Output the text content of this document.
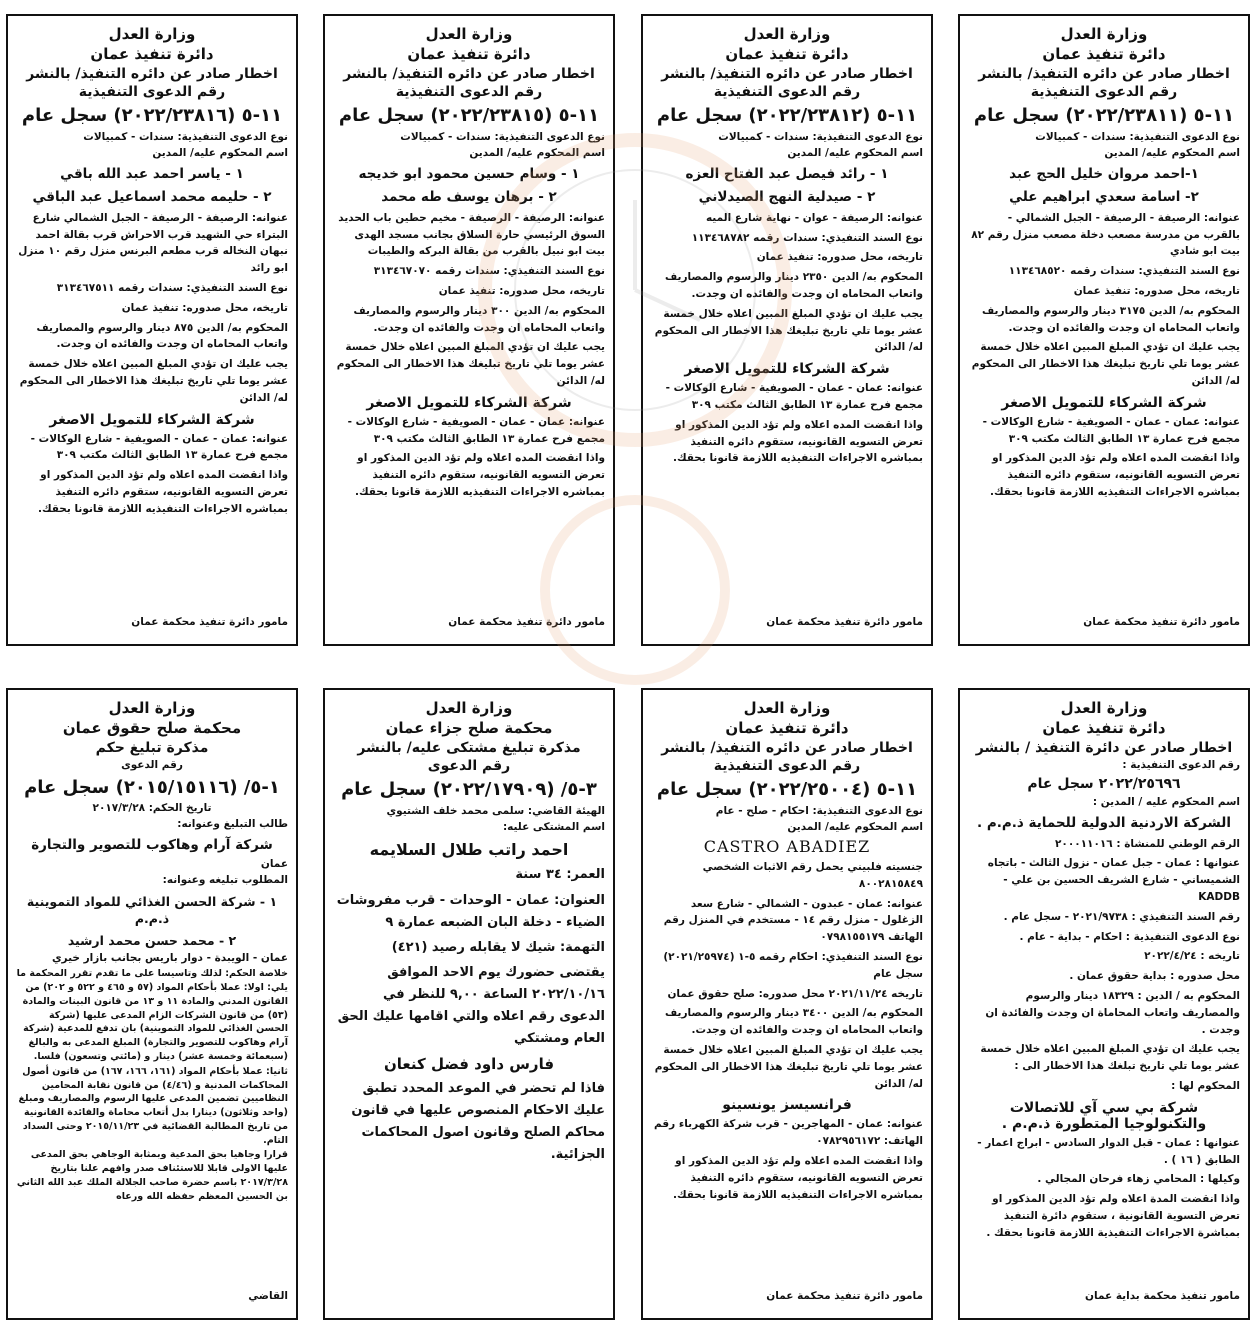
وزارة العدل

دائرة تنفيذ عمان

اخطار صادر عن دائره التنفيذ/ بالنشر

رقم الدعوى التنفيذية

١١-٥ (٢٠٢٢/٢٣٨١١) سجل عام

نوع الدعوى التنفيذية: سندات - كمبيالات

اسم المحكوم عليه/ المدين

١-احمد مروان خليل الحج عبد

٢- اسامة سعدي ابراهيم علي

عنوانه: الرصيفة - الرصيفة - الجبل الشمالي - بالقرب من مدرسة مصعب دخلة مصعب منزل رقم ٨٢ بيت ابو شادي

نوع السند التنفيذي: سندات رقمه ١١٣٤٦٨٥٢٠

تاريخه، محل صدوره: تنفيذ عمان

المحكوم به/ الدين ٣١٧٥ دينار والرسوم والمصاريف واتعاب المحاماه ان وجدت والفائده ان وجدت.

يجب عليك ان تؤدي المبلغ المبين اعلاه خلال خمسة عشر يوما تلي تاريخ تبليغك هذا الاخطار الى المحكوم له/ الدائن

شركة الشركاء للتمويل الاصغر

عنوانه: عمان - عمان - الصويفية - شارع الوكالات - مجمع فرح عمارة ١٣ الطابق الثالث مكتب ٣٠٩

واذا انقضت المده اعلاه ولم تؤد الدين المذكور او تعرض التسويه القانونيه، ستقوم دائره التنفيذ بمباشره الاجراءات التنفيذيه اللازمة قانونا بحقك.

مامور دائرة تنفيذ محكمة عمان

وزارة العدل

دائرة تنفيذ عمان

اخطار صادر عن دائره التنفيذ/ بالنشر

رقم الدعوى التنفيذية

١١-٥ (٢٠٢٢/٢٣٨١٢) سجل عام

نوع الدعوى التنفيذية: سندات - كمبيالات

اسم المحكوم عليه/ المدين

١ - رائد فيصل عبد الفتاح العزه

٢ - صيدلية النهج الصيدلاني

عنوانه: الرصيفة - عوان - نهاية شارع الميه

نوع السند التنفيذي: سندات رقمه ١١٣٤٦٨٧٨٢

تاريخه، محل صدوره: تنفيذ عمان

المحكوم به/ الدين ٢٣٥٠ دينار والرسوم والمصاريف واتعاب المحاماه ان وجدت والفائده ان وجدت.

يجب عليك ان تؤدي المبلغ المبين اعلاه خلال خمسة عشر يوما تلي تاريخ تبليغك هذا الاخطار الى المحكوم له/ الدائن

شركة الشركاء للتمويل الاصغر

عنوانه: عمان - عمان - الصويفية - شارع الوكالات - مجمع فرح عمارة ١٣ الطابق الثالث مكتب ٣٠٩

واذا انقضت المده اعلاه ولم تؤد الدين المذكور او تعرض التسويه القانونيه، ستقوم دائره التنفيذ بمباشره الاجراءات التنفيذيه اللازمة قانونا بحقك.

مامور دائرة تنفيذ محكمة عمان

وزارة العدل

دائرة تنفيذ عمان

اخطار صادر عن دائره التنفيذ/ بالنشر

رقم الدعوى التنفيذية

١١-٥ (٢٠٢٢/٢٣٨١٥) سجل عام

نوع الدعوى التنفيذية: سندات - كمبيالات

اسم المحكوم عليه/ المدين

١ - وسام حسين محمود ابو خديجه

٢ - برهان يوسف طه محمد

عنوانه: الرصيفة - الرصيفة - مخيم حطين باب الحديد السوق الرئيسي حارة السلاق بجانب مسجد الهدى بيت ابو نبيل بالقرب من بقالة البركه والطيبات

نوع السند التنفيذي: سندات رقمه ٣١٣٤٦٧٠٧٠

تاريخه، محل صدوره: تنفيذ عمان

المحكوم به/ الدين ٣٠٠ دينار والرسوم والمصاريف واتعاب المحاماه ان وجدت والفائده ان وجدت.

يجب عليك ان تؤدي المبلغ المبين اعلاه خلال خمسة عشر يوما تلي تاريخ تبليغك هذا الاخطار الى المحكوم له/ الدائن

شركة الشركاء للتمويل الاصغر

عنوانه: عمان - عمان - الصويفية - شارع الوكالات - مجمع فرح عمارة ١٣ الطابق الثالث مكتب ٣٠٩

واذا انقضت المده اعلاه ولم تؤد الدين المذكور او تعرض التسويه القانونيه، ستقوم دائره التنفيذ بمباشره الاجراءات التنفيذيه اللازمة قانونا بحقك.

مامور دائرة تنفيذ محكمة عمان

وزارة العدل

دائرة تنفيذ عمان

اخطار صادر عن دائره التنفيذ/ بالنشر

رقم الدعوى التنفيذية

١١-٥ (٢٠٢٢/٢٣٨١٦) سجل عام

نوع الدعوى التنفيذية: سندات - كمبيالات

اسم المحكوم عليه/ المدين

١ - ياسر احمد عبد الله باقي

٢ - حليمه محمد اسماعيل عبد الباقي

عنوانه: الرصيفة - الرصيفة - الجبل الشمالي شارع البتراء حي الشهيد قرب الاحراش قرب بقالة احمد نبهان النخاله قرب مطعم البرنس منزل رقم ١٠ منزل ابو رائد

نوع السند التنفيذي: سندات رقمه ٣١٣٤٦٧٥١١

تاريخه، محل صدوره: تنفيذ عمان

المحكوم به/ الدين ٨٧٥ دينار والرسوم والمصاريف واتعاب المحاماه ان وجدت والفائده ان وجدت.

يجب عليك ان تؤدي المبلغ المبين اعلاه خلال خمسة عشر يوما تلي تاريخ تبليغك هذا الاخطار الى المحكوم له/ الدائن

شركة الشركاء للتمويل الاصغر

عنوانه: عمان - عمان - الصويفية - شارع الوكالات - مجمع فرح عمارة ١٣ الطابق الثالث مكتب ٣٠٩

واذا انقضت المده اعلاه ولم تؤد الدين المذكور او تعرض التسويه القانونيه، ستقوم دائره التنفيذ بمباشره الاجراءات التنفيذيه اللازمة قانونا بحقك.

مامور دائرة تنفيذ محكمة عمان

وزارة العدل

دائرة تنفيذ عمان

اخطار صادر عن دائرة التنفيذ / بالنشر

رقم الدعوى التنفيذية :

٢٠٢٢/٢٥٦٩٦ سجل عام

اسم المحكوم عليه / المدين :

الشركة الاردنية الدولية للحماية ذ.م.م .

الرقم الوطني للمنشاة : ٢٠٠٠١١٠١٦

عنوانها : عمان - جبل عمان - نزول الثالث - باتجاه الشميساني - شارع الشريف الحسين بن علي - KADDB

رقم السند التنفيذي : ٢٠٢١/٩٧٣٨ - سجل عام .

نوع الدعوى التنفيذية : احكام - بداية - عام .

تاريخه : ٢٠٢٢/٤/٢٤

محل صدوره : بداية حقوق عمان .

المحكوم به / الدين : ١٨٣٢٩ دينار والرسوم والمصاريف واتعاب المحاماة ان وجدت والفائدة ان وجدت .

يجب عليك ان تؤدي المبلغ المبين اعلاه خلال خمسة عشر يوما تلي تاريخ تبلغك هذا الاخطار الى :

المحكوم لها :

شركة بي سي آي للاتصالات والتكنولوجيا المتطورة ذ.م.م .

عنوانها : عمان - قبل الدوار السادس - ابراج اعمار - الطابق ( ١٦ ) .

وكيلها : المحامي زهاء فرحان المجالي .

واذا انقضت المدة اعلاه ولم تؤد الدين المذكور او تعرض التسوية القانونية ، ستقوم دائرة التنفيذ بمباشرة الاجراءات التنفيذية اللازمة قانونا بحقك .

مامور تنفيذ محكمة بداية عمان

وزارة العدل

دائرة تنفيذ عمان

اخطار صادر عن دائره التنفيذ/ بالنشر

رقم الدعوى التنفيذية

١١-٥ (٢٠٢٢/٢٥٠٠٤) سجل عام

نوع الدعوى التنفيذية: احكام - صلح - عام

اسم المحكوم عليه/ المدين

CASTRO ABADIEZ

جنسيته فلبيني يحمل رقم الاثبات الشخصي ٨٠٠٢٨١٥٨٤٩

عنوانه: عمان - عبدون - الشمالي - شارع سعد الزغلول - منزل رقم ١٤ - مستخدم في المنزل رقم الهاتف ٠٧٩٨١٥٥١٧٩

نوع السند التنفيذي: احكام رقمه ٥-١ (٢٠٢١/٢٥٩٧٤) سجل عام

تاريخه ٢٠٢١/١١/٢٤ محل صدوره: صلح حقوق عمان

المحكوم به/ الدين ٣٤٠٠ دينار والرسوم والمصاريف واتعاب المحاماه ان وجدت والفائده ان وجدت.

يجب عليك ان تؤدي المبلغ المبين اعلاه خلال خمسة عشر يوما تلي تاريخ تبليغك هذا الاخطار الى المحكوم له/ الدائن

فرانسيسز يونسينو

عنوانه: عمان - المهاجرين - قرب شركة الكهرباء رقم الهاتف: ٠٧٨٢٩٥٦١٧٢

واذا انقضت المده اعلاه ولم تؤد الدين المذكور او تعرض التسويه القانونيه، ستقوم دائره التنفيذ بمباشره الاجراءات التنفيذيه اللازمة قانونا بحقك.

مامور دائرة تنفيذ محكمة عمان

وزارة العدل

محكمة صلح جزاء عمان

مذكرة تبليغ مشتكى عليه/ بالنشر

رقم الدعوى

٣-٥/ (٢٠٢٢/١٧٩٠٩) سجل عام

الهيئة القاضي: سلمى محمد خلف الشتيوي

اسم المشتكى عليه:

احمد راتب طلال السلايمه

العمر: ٣٤ سنة

العنوان: عمان - الوحدات - قرب مفروشات الضياء - دخلة البان الضبعه عمارة ٩

التهمة: شيك لا يقابله رصيد (٤٢١)

يقتضى حضورك يوم الاحد الموافق ٢٠٢٢/١٠/١٦ الساعة ٩,٠٠ للنظر في الدعوى رقم اعلاه والتي اقامها عليك الحق العام ومشتكي

فارس داود فضل كنعان

فاذا لم تحضر في الموعد المحدد تطبق عليك الاحكام المنصوص عليها في قانون محاكم الصلح وقانون اصول المحاكمات الجزائية.

وزارة العدل

محكمة صلح حقوق عمان

مذكرة تبليغ حكم

رقم الدعوى

١-٥/ (٢٠١٥/١٥١١٦) سجل عام

تاريخ الحكم: ٢٠١٧/٣/٢٨

طالب التبليغ وعنوانه:

شركة آرام وهاكوب للتصوير والتجارة

عمان

المطلوب تبليغه وعنوانه:

١ - شركة الحسن الغذائي للمواد التموينية ذ.م.م

٢ - محمد حسن محمد ارشيد

عمان - الويبدة - دوار باريس بجانب بازار خيري

خلاصة الحكم: لذلك وتاسيسا على ما تقدم تقرر المحكمة ما يلي: اولا: عملا بأحكام المواد (٥٧ و ٤٦٥ و ٥٢٢ و ٢٠٢) من القانون المدني والمادة ١١ و ١٣ من قانون البينات والمادة (٥٣) من قانون الشركات الزام المدعى عليها (شركة الحسن الغذائي للمواد التموينية) بان تدفع للمدعية (شركة آرام وهاكوب للتصوير والتجارة) المبلغ المدعى به والبالغ (سبعمائة وخمسة عشر) دينار و (مائتي وتسعون) فلسا.

ثانيا: عملا بأحكام المواد (١٦١، ١٦٦، ١٦٧) من قانون أصول المحاكمات المدنية و (٤/٤٦) من قانون نقابة المحامين النظاميين تضمين المدعى عليها الرسوم والمصاريف ومبلغ (واحد وثلاثون) دينارا بدل أتعاب محاماة والفائدة القانونية من تاريخ المطالبة القضائية في ٢٠١٥/١١/٢٣ وحتى السداد التام.

قرارا وجاهيا بحق المدعية وبمثابة الوجاهي بحق المدعى عليها الاولى قابلا للاستئناف صدر وافهم علنا بتاريخ ٢٠١٧/٣/٢٨ باسم حضرة صاحب الجلالة الملك عبد الله الثاني بن الحسين المعظم حفظه الله ورعاه

القاضي
